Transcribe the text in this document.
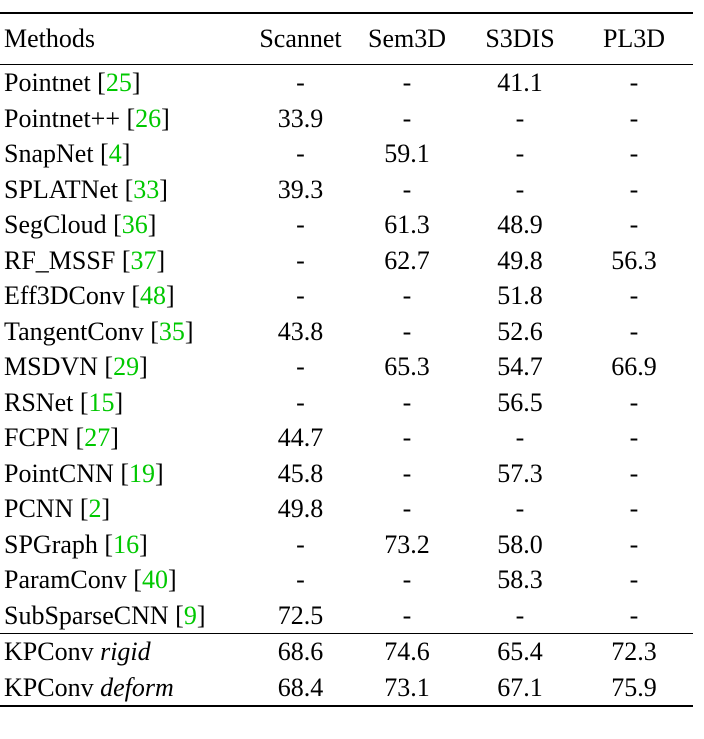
Methods	Scannet	Sem3D	S3DIS	PL3D
Pointnet [25]	-	-	41.1	-
Pointnet++ [26]	33.9	-	-	-
SnapNet [4]	-	59.1	-	-
SPLATNet [33]	39.3	-	-	-
SegCloud [36]	-	61.3	48.9	-
RF_MSSF [37]	-	62.7	49.8	56.3
Eff3DConv [48]	-	-	51.8	-
TangentConv [35]	43.8	-	52.6	-
MSDVN [29]	-	65.3	54.7	66.9
RSNet [15]	-	-	56.5	-
FCPN [27]	44.7	-	-	-
PointCNN [19]	45.8	-	57.3	-
PCNN [2]	49.8	-	-	-
SPGraph [16]	-	73.2	58.0	-
ParamConv [40]	-	-	58.3	-
SubSparseCNN [9]	72.5	-	-	-
KPConv rigid	68.6	74.6	65.4	72.3
KPConv deform	68.4	73.1	67.1	75.9
